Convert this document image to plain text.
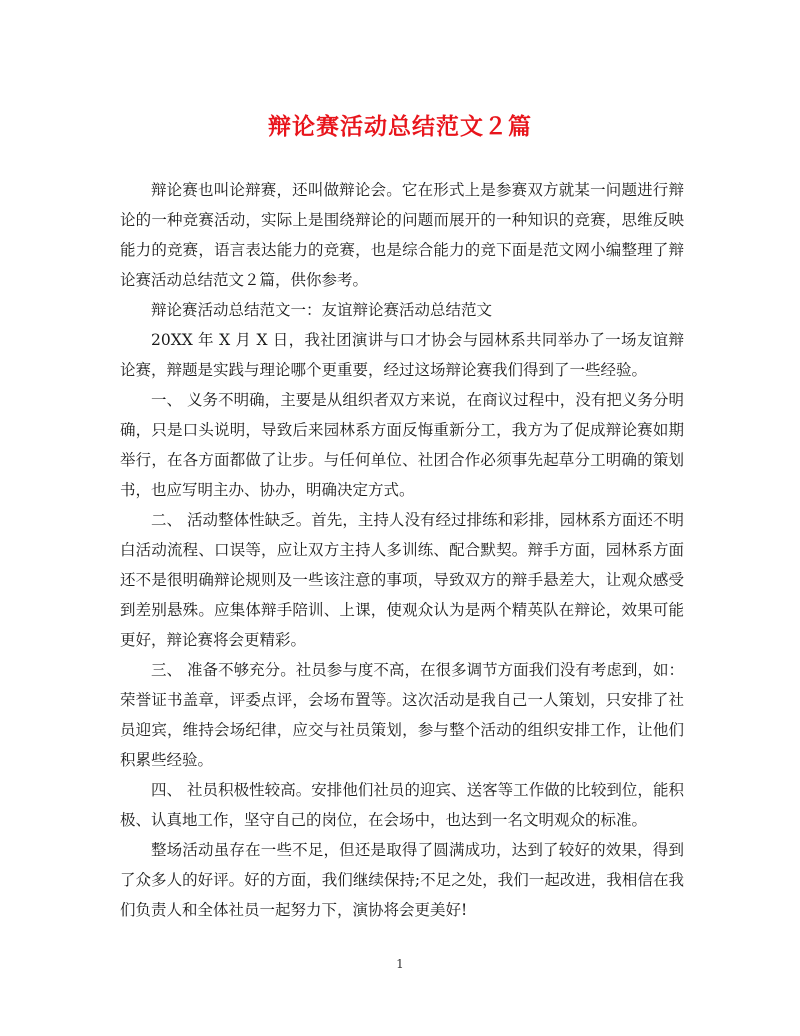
辩论赛活动总结范文２篇

辩论赛也叫论辩赛，还叫做辩论会。它在形式上是参赛双方就某一问题进行辩论的一种竞赛活动，实际上是围绕辩论的问题而展开的一种知识的竞赛，思维反映能力的竞赛，语言表达能力的竞赛，也是综合能力的竞下面是范文网小编整理了辩论赛活动总结范文２篇，供你参考。

辩论赛活动总结范文一：友谊辩论赛活动总结范文

20XX 年 X 月 X 日，我社团演讲与口才协会与园林系共同举办了一场友谊辩论赛，辩题是实践与理论哪个更重要，经过这场辩论赛我们得到了一些经验。

一、 义务不明确，主要是从组织者双方来说，在商议过程中，没有把义务分明确，只是口头说明，导致后来园林系方面反悔重新分工，我方为了促成辩论赛如期举行，在各方面都做了让步。与任何单位、社团合作必须事先起草分工明确的策划书，也应写明主办、协办，明确决定方式。

二、 活动整体性缺乏。首先，主持人没有经过排练和彩排，园林系方面还不明白活动流程、口误等，应让双方主持人多训练、配合默契。辩手方面，园林系方面还不是很明确辩论规则及一些该注意的事项，导致双方的辩手悬差大，让观众感受到差别悬殊。应集体辩手陪训、上课，使观众认为是两个精英队在辩论，效果可能更好，辩论赛将会更精彩。

三、 准备不够充分。社员参与度不高，在很多调节方面我们没有考虑到，如：荣誉证书盖章，评委点评，会场布置等。这次活动是我自己一人策划，只安排了社员迎宾，维持会场纪律，应交与社员策划，参与整个活动的组织安排工作，让他们积累些经验。

四、 社员积极性较高。安排他们社员的迎宾、送客等工作做的比较到位，能积极、认真地工作，坚守自己的岗位，在会场中，也达到一名文明观众的标准。

整场活动虽存在一些不足，但还是取得了圆满成功，达到了较好的效果，得到了众多人的好评。好的方面，我们继续保持;不足之处，我们一起改进，我相信在我们负责人和全体社员一起努力下，演协将会更美好!

1
